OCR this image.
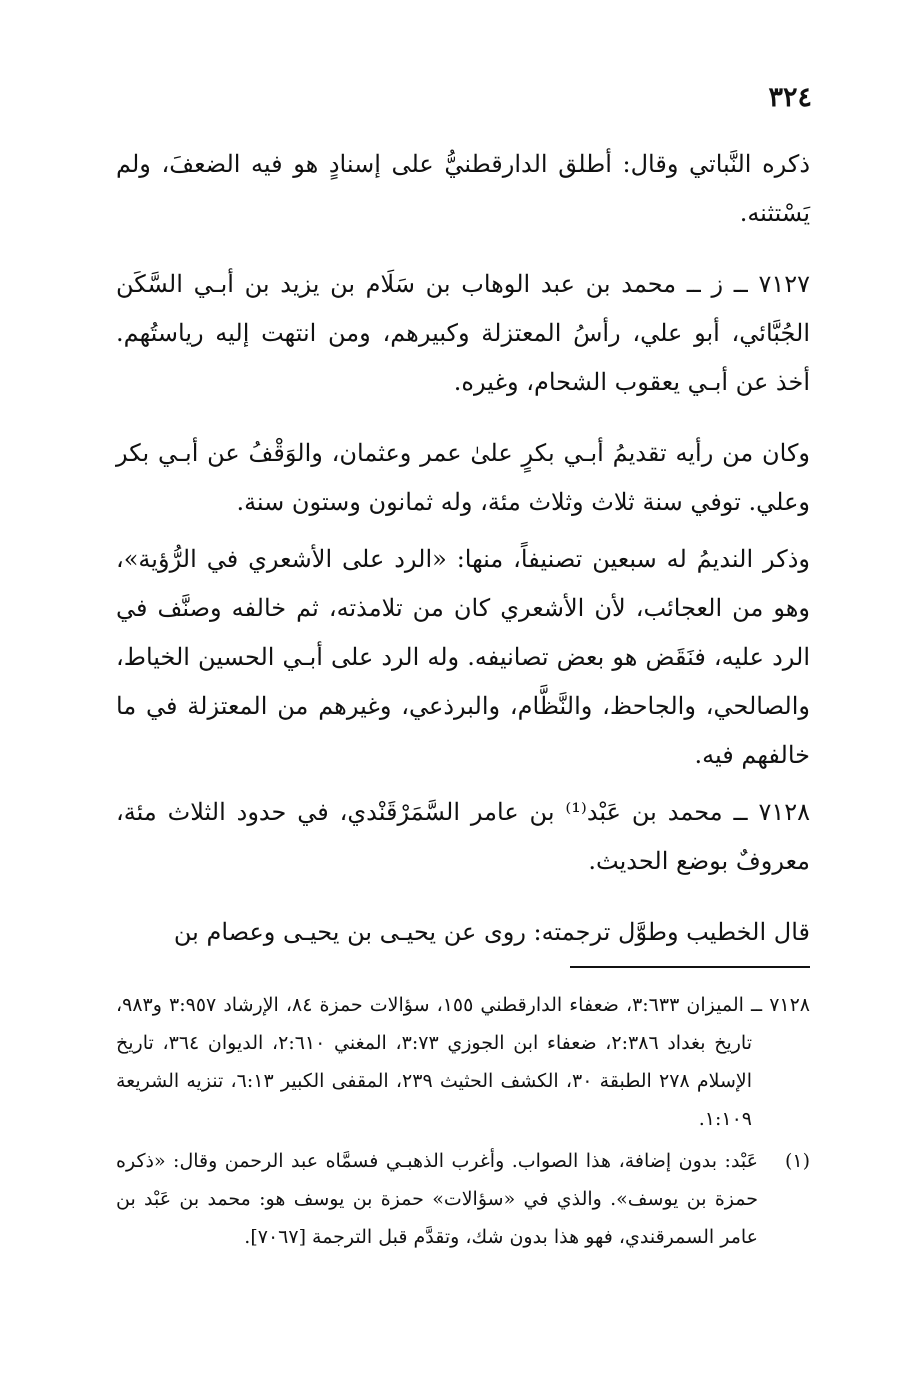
٣٢٤

ذكره النَّباتي وقال: أطلق الدارقطنيُّ على إسنادٍ هو فيه الضعفَ، ولم يَسْتثنه.

٧١٢٧ ــ ز ــ محمد بن عبد الوهاب بن سَلَام بن يزيد بن أبـي السَّكَن الجُبَّائي، أبو علي، رأسُ المعتزلة وكبيرهم، ومن انتهت إليه رياستُهم. أخذ عن أبـي يعقوب الشحام، وغيره.

وكان من رأيه تقديمُ أبـي بكرٍ علىٰ عمر وعثمان، والوَقْفُ عن أبـي بكر وعلي. توفي سنة ثلاث وثلاث مئة، وله ثمانون وستون سنة.

وذكر النديمُ له سبعين تصنيفاً، منها: «الرد على الأشعري في الرُّؤية»، وهو من العجائب، لأن الأشعري كان من تلامذته، ثم خالفه وصنَّف في الرد عليه، فنَقَض هو بعض تصانيفه. وله الرد على أبـي الحسين الخياط، والصالحي، والجاحظ، والنَّظَّام، والبرذعي، وغيرهم من المعتزلة في ما خالفهم فيه.

٧١٢٨ ــ محمد بن عَبْد⁽¹⁾ بن عامر السَّمَرْقَنْدي، في حدود الثلاث مئة، معروفٌ بوضع الحديث.

قال الخطيب وطوَّل ترجمته: روى عن يحيـى بن يحيـى وعصام بن

٧١٢٨ ــ الميزان ٣:٦٣٣، ضعفاء الدارقطني ١٥٥، سؤالات حمزة ٨٤، الإرشاد ٣:٩٥٧ و٩٨٣، تاريخ بغداد ٢:٣٨٦، ضعفاء ابن الجوزي ٣:٧٣، المغني ٢:٦١٠، الديوان ٣٦٤، تاريخ الإسلام ٢٧٨ الطبقة ٣٠، الكشف الحثيث ٢٣٩، المقفى الكبير ٦:١٣، تنزيه الشريعة ١:١٠٩.

(١)

عَبْد: بدون إضافة، هذا الصواب. وأغرب الذهبـي فسمَّاه عبد الرحمن وقال: «ذكره حمزة بن يوسف». والذي في «سؤالات» حمزة بن يوسف هو: محمد بن عَبْد بن عامر السمرقندي، فهو هذا بدون شك، وتقدَّم قبل الترجمة [٧٠٦٧].
